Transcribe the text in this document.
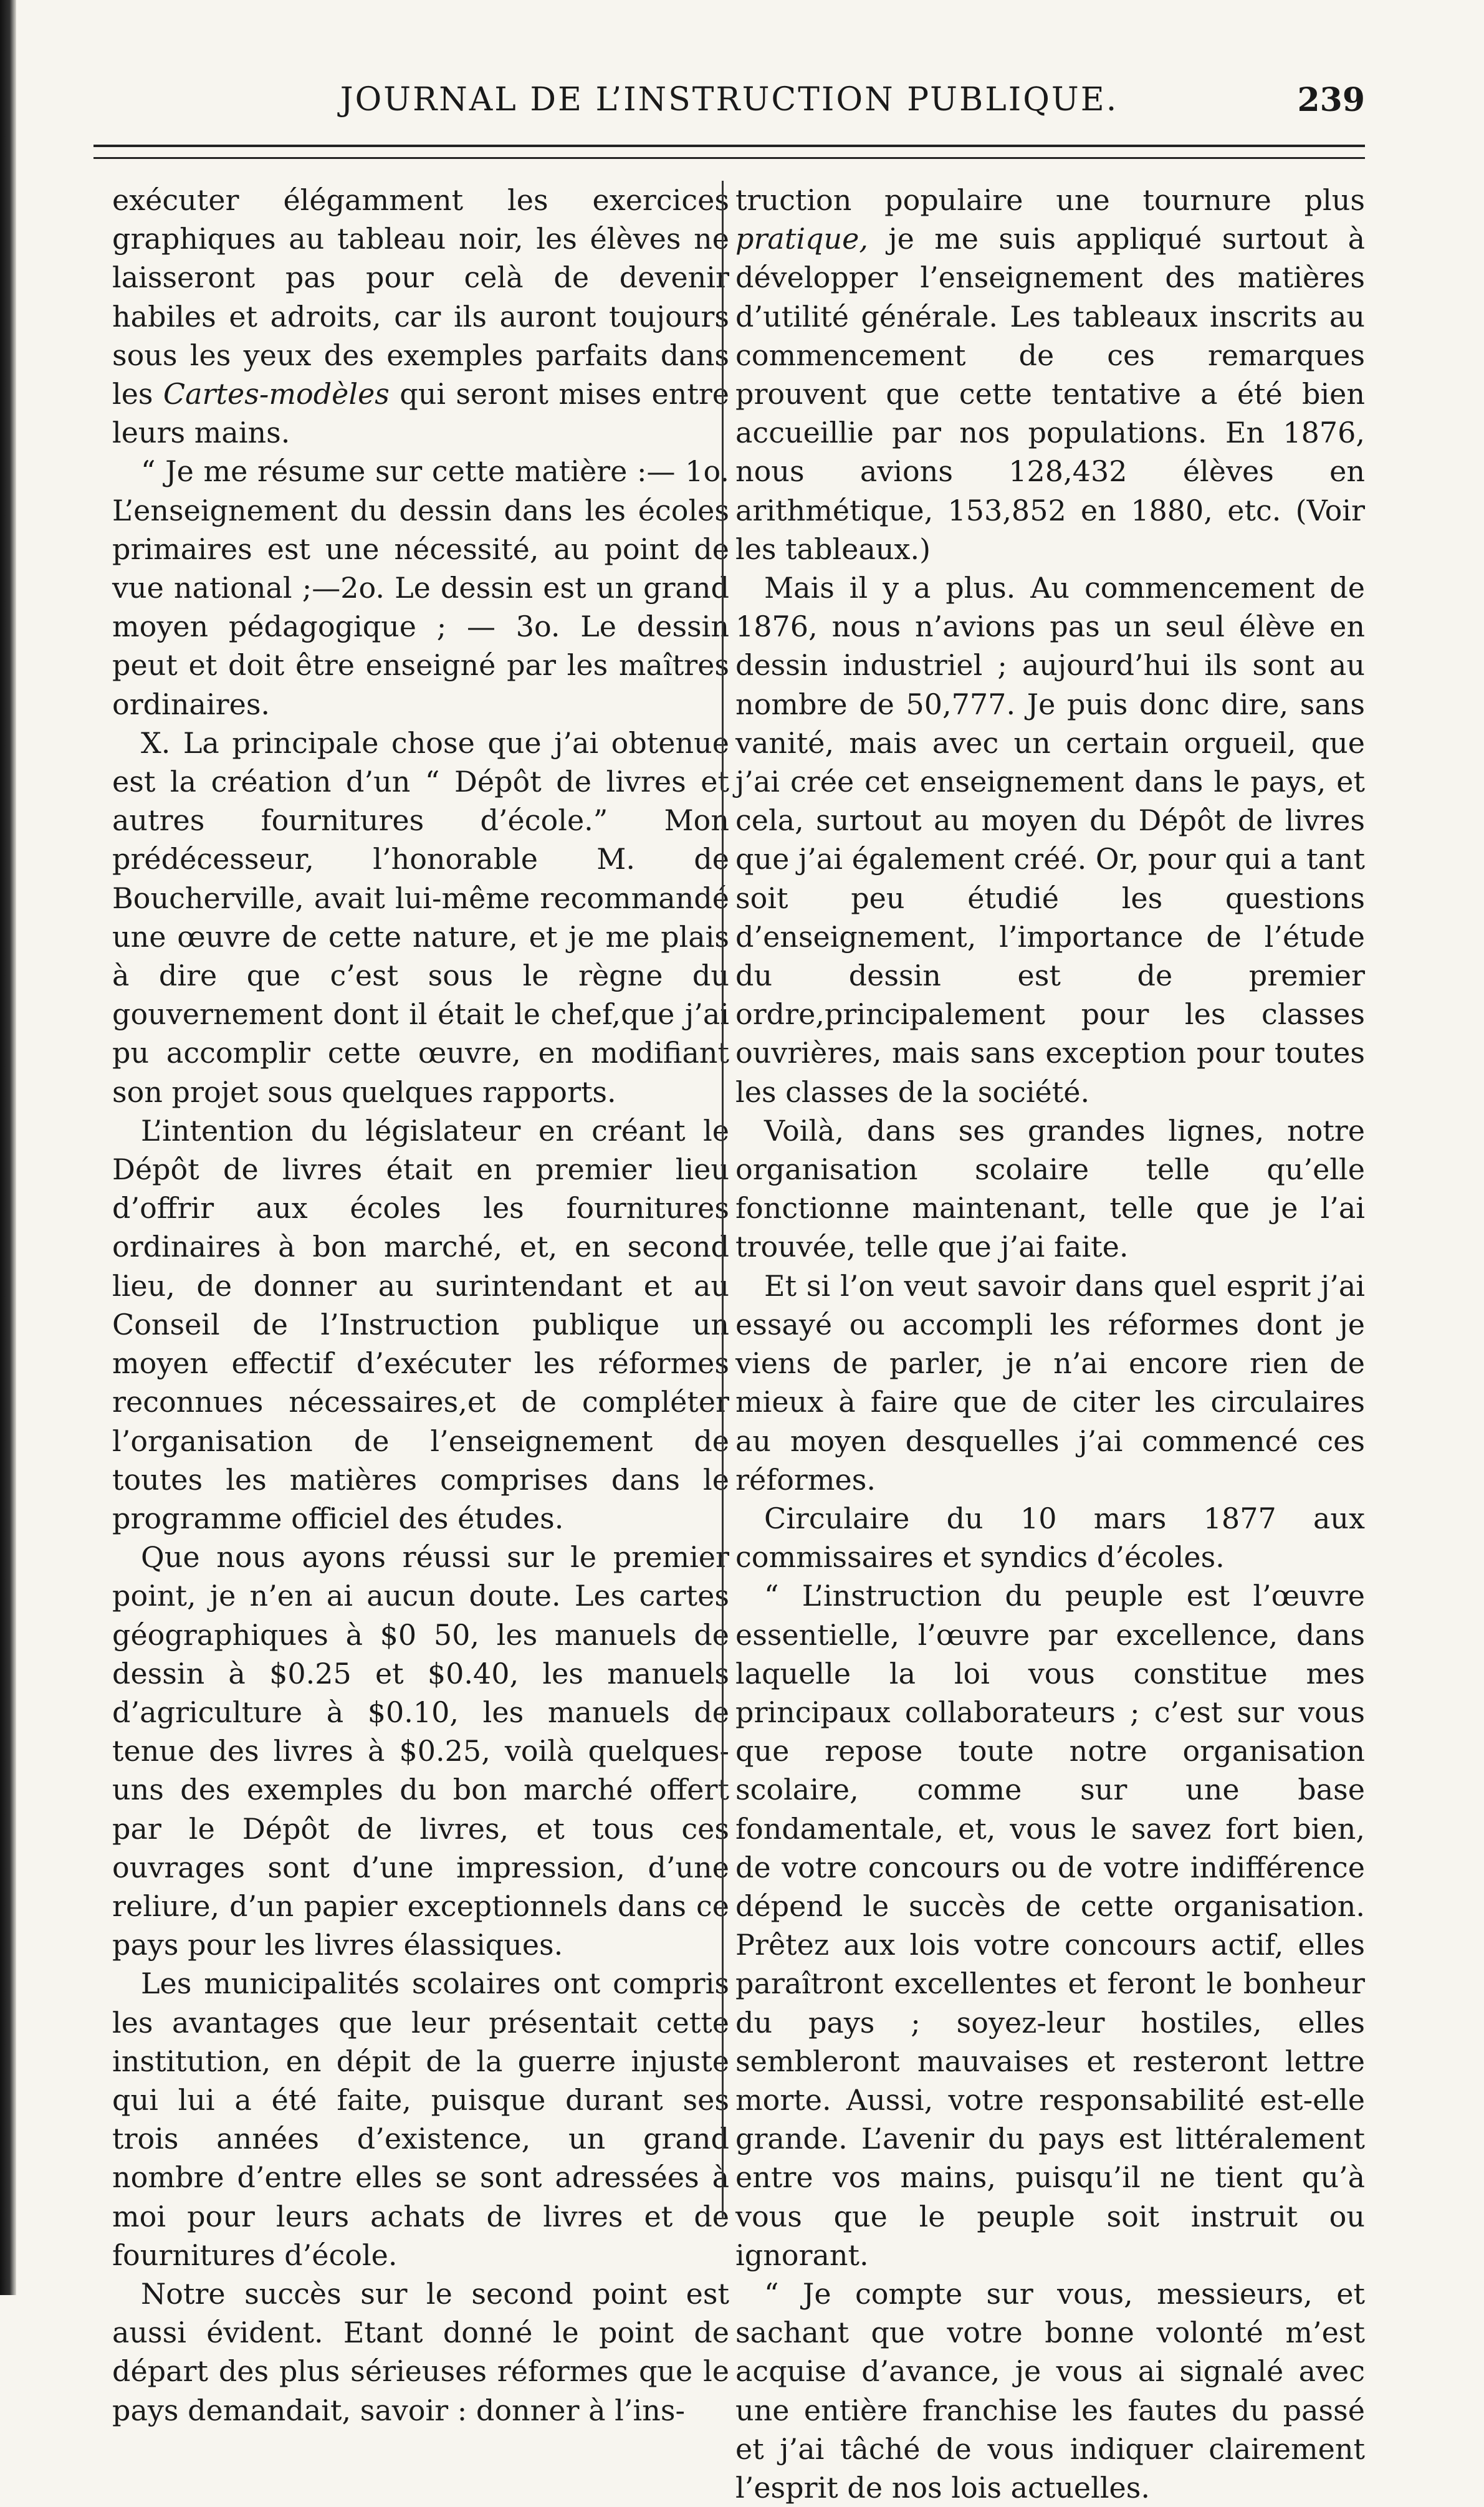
JOURNAL DE L’INSTRUCTION PUBLIQUE.	239

exécuter élégamment les exercices graphiques au tableau noir, les élèves ne laisseront pas pour celà de devenir habiles et adroits, car ils auront toujours sous les yeux des exemples parfaits dans les Cartes-modèles qui seront mises entre leurs mains.

“ Je me résume sur cette matière :— 1o. L’enseignement du dessin dans les écoles primaires est une nécessité, au point de vue national ;—2o. Le dessin est un grand moyen pédagogique ; — 3o. Le dessin peut et doit être enseigné par les maîtres ordinaires.

X. La principale chose que j’ai obtenue est la création d’un “ Dépôt de livres et autres fournitures d’école.” Mon prédécesseur, l’honorable M. de Boucherville, avait lui-même recommandé une œuvre de cette nature, et je me plais à dire que c’est sous le règne du gouvernement dont il était le chef,que j’ai pu accomplir cette œuvre, en modifiant son projet sous quelques rapports.

L’intention du législateur en créant le Dépôt de livres était en premier lieu d’offrir aux écoles les fournitures ordinaires à bon marché, et, en second lieu, de donner au surintendant et au Conseil de l’Instruction publique un moyen effectif d’exécuter les réformes reconnues nécessaires,et de compléter l’organisation de l’enseignement de toutes les matières comprises dans le programme officiel des études.

Que nous ayons réussi sur le premier point, je n’en ai aucun doute. Les cartes géographiques à $0 50, les manuels de dessin à $0.25 et $0.40, les manuels d’agriculture à $0.10, les manuels de tenue des livres à $0.25, voilà quelques-uns des exemples du bon marché offert par le Dépôt de livres, et tous ces ouvrages sont d’une impression, d’une reliure, d’un papier exceptionnels dans ce pays pour les livres élassiques.

Les municipalités scolaires ont compris les avantages que leur présentait cette institution, en dépit de la guerre injuste qui lui a été faite, puisque durant ses trois années d’existence, un grand nombre d’entre elles se sont adressées à moi pour leurs achats de livres et de fournitures d’école.

Notre succès sur le second point est aussi évident. Etant donné le point de départ des plus sérieuses réformes que le pays demandait, savoir : donner à l’ins-

truction populaire une tournure plus pratique, je me suis appliqué surtout à développer l’enseignement des matières d’utilité générale. Les tableaux inscrits au commencement de ces remarques prouvent que cette tentative a été bien accueillie par nos populations. En 1876, nous avions 128,432 élèves en arithmétique, 153,852 en 1880, etc. (Voir les tableaux.)

Mais il y a plus. Au commencement de 1876, nous n’avions pas un seul élève en dessin industriel ; aujourd’hui ils sont au nombre de 50,777. Je puis donc dire, sans vanité, mais avec un certain orgueil, que j’ai crée cet enseignement dans le pays, et cela, surtout au moyen du Dépôt de livres que j’ai également créé. Or, pour qui a tant soit peu étudié les questions d’enseignement, l’importance de l’étude du dessin est de premier ordre,principalement pour les classes ouvrières, mais sans exception pour toutes les classes de la société.

Voilà, dans ses grandes lignes, notre organisation scolaire telle qu’elle fonctionne maintenant, telle que je l’ai trouvée, telle que j’ai faite.

Et si l’on veut savoir dans quel esprit j’ai essayé ou accompli les réformes dont je viens de parler, je n’ai encore rien de mieux à faire que de citer les circulaires au moyen desquelles j’ai commencé ces réformes.

Circulaire du 10 mars 1877 aux commissaires et syndics d’écoles.

“ L’instruction du peuple est l’œuvre essentielle, l’œuvre par excellence, dans laquelle la loi vous constitue mes principaux collaborateurs ; c’est sur vous que repose toute notre organisation scolaire, comme sur une base fondamentale, et, vous le savez fort bien, de votre concours ou de votre indifférence dépend le succès de cette organisation. Prêtez aux lois votre concours actif, elles paraîtront excellentes et feront le bonheur du pays ; soyez-leur hostiles, elles sembleront mauvaises et resteront lettre morte. Aussi, votre responsabilité est-elle grande. L’avenir du pays est littéralement entre vos mains, puisqu’il ne tient qu’à vous que le peuple soit instruit ou ignorant.

“ Je compte sur vous, messieurs, et sachant que votre bonne volonté m’est acquise d’avance, je vous ai signalé avec une entière franchise les fautes du passé et j’ai tâché de vous indiquer clairement l’esprit de nos lois actuelles.
